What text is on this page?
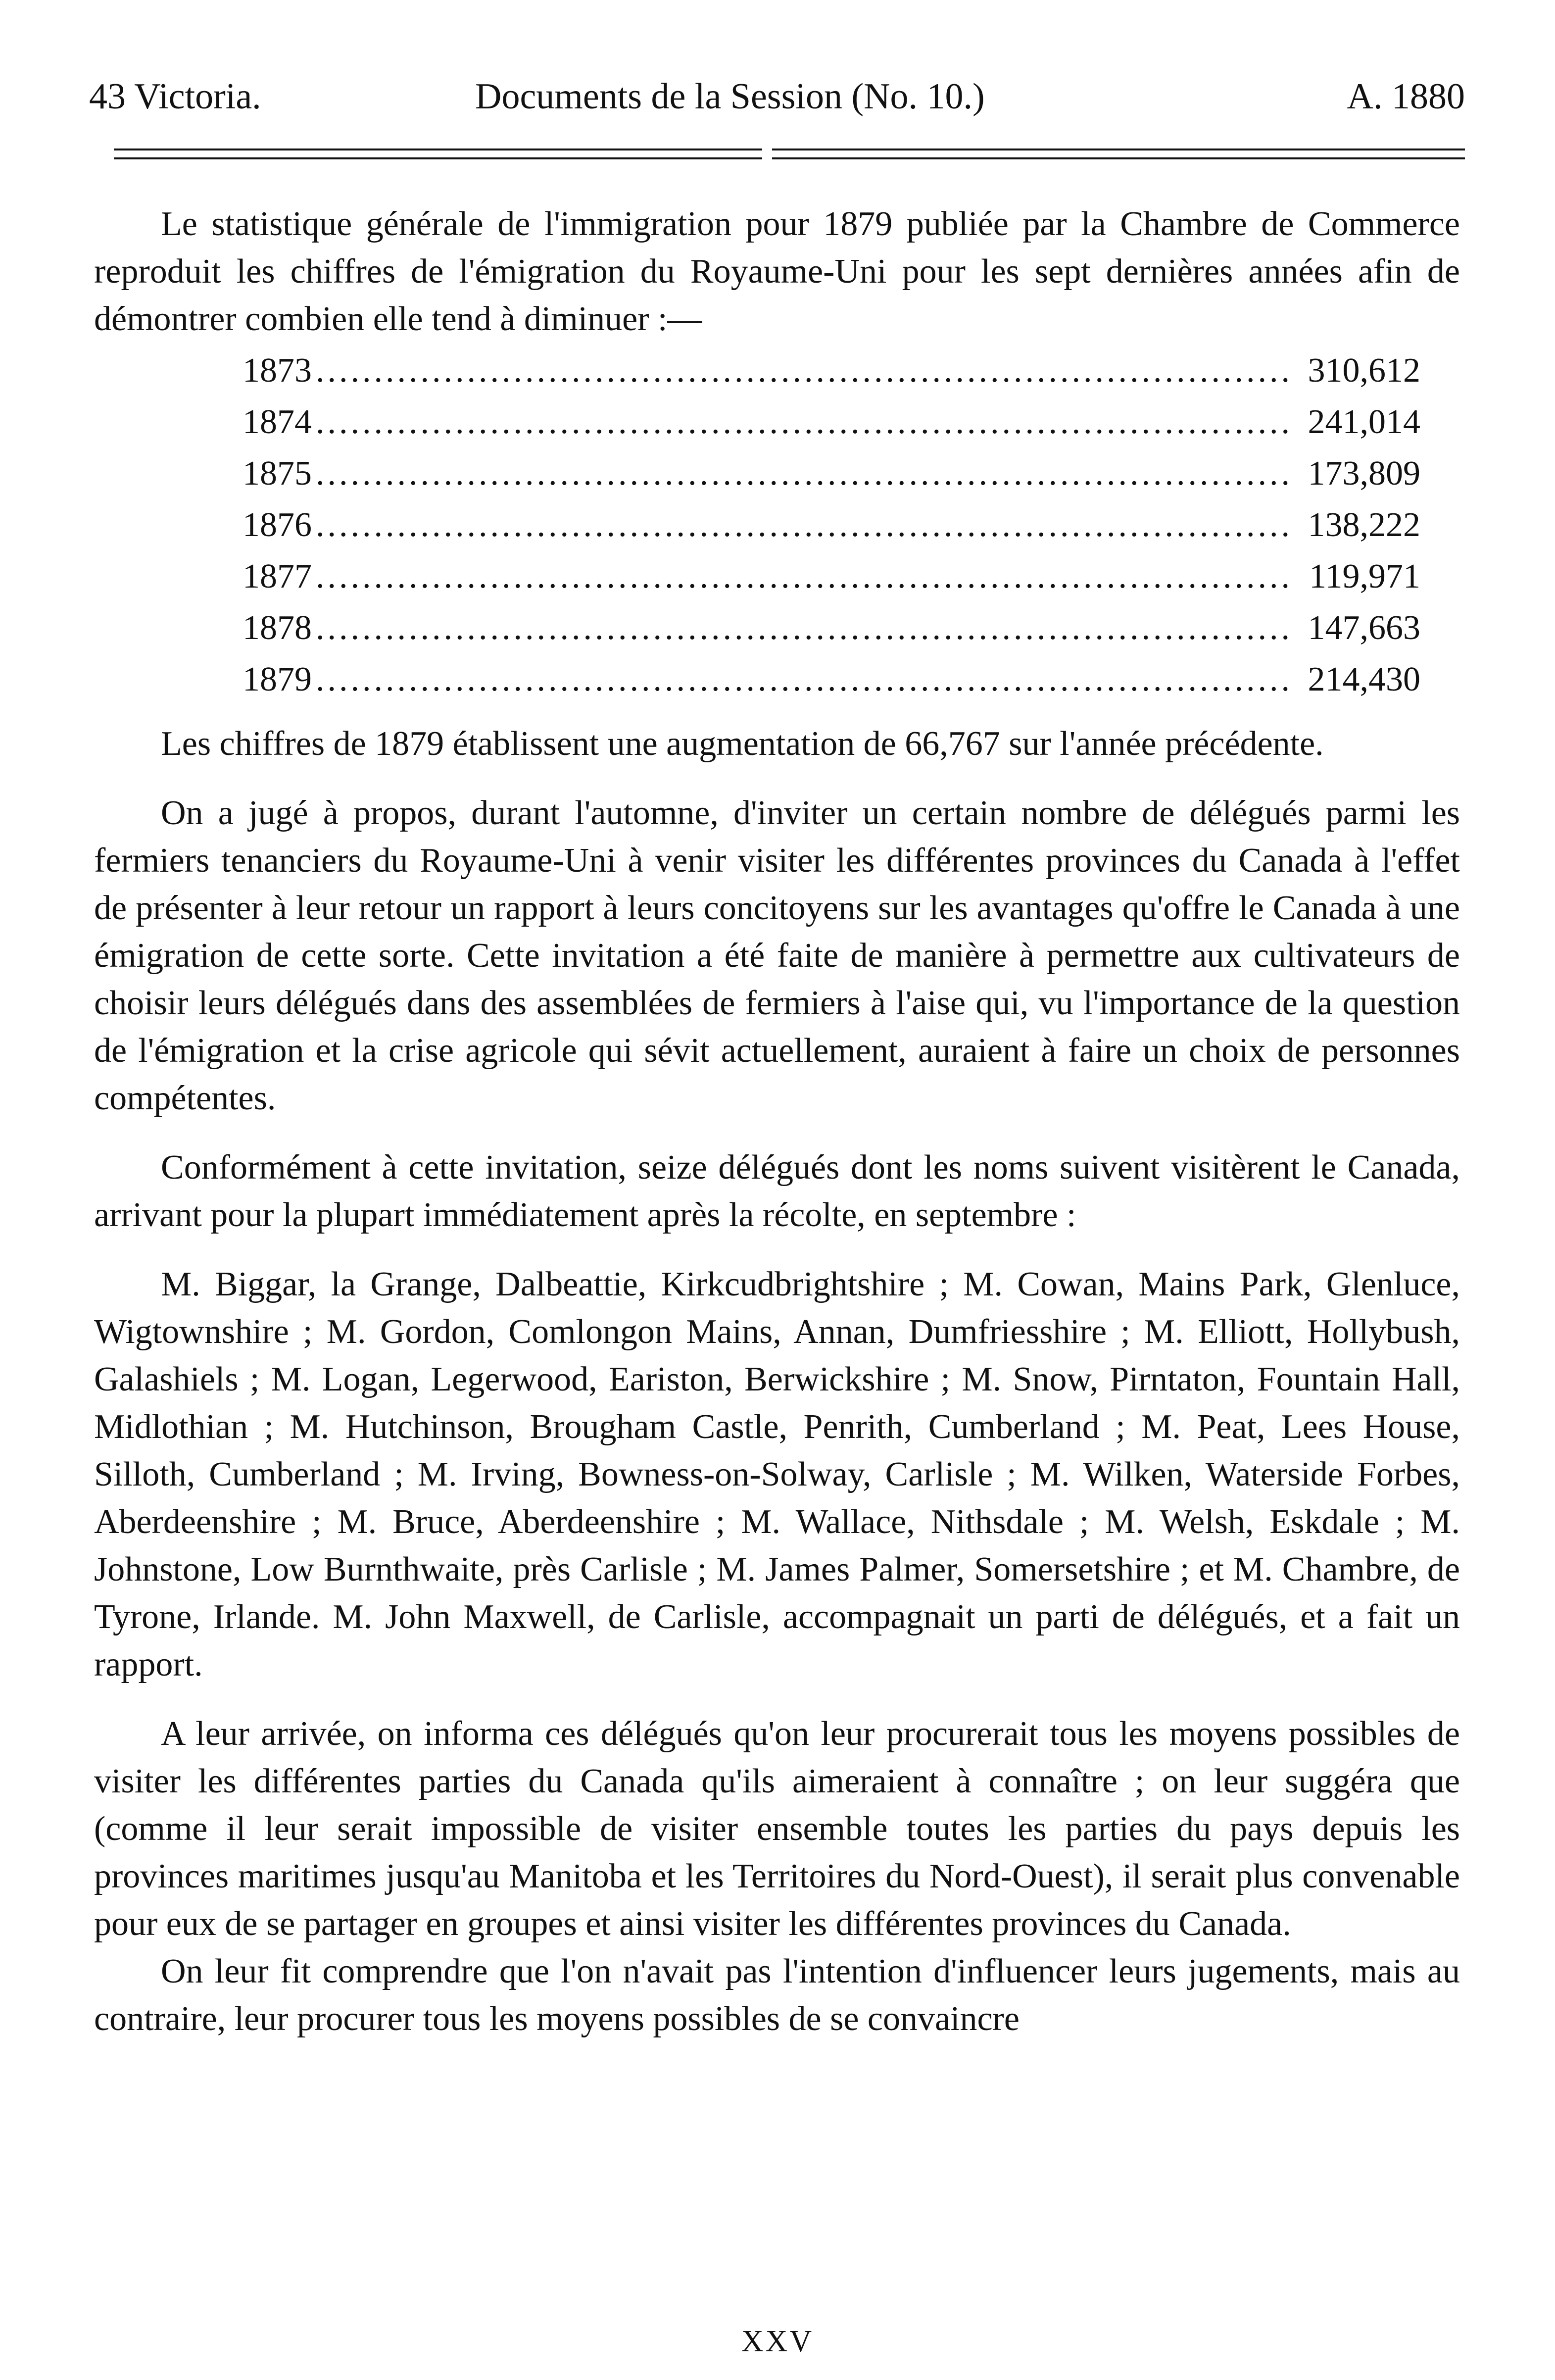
43 Victoria.	Documents de la Session (No. 10.)	A. 1880

Le statistique générale de l'immigration pour 1879 publiée par la Chambre de Commerce reproduit les chiffres de l'émigration du Royaume-Uni pour les sept dernières années afin de démontrer combien elle tend à diminuer :—

1873 .....	310,612
1874 .....	241,014
1875 .....	173,809
1876 .....	138,222
1877 .....	119,971
1878 .....	147,663
1879 .....	214,430

Les chiffres de 1879 établissent une augmentation de 66,767 sur l'année précédente.

On a jugé à propos, durant l'automne, d'inviter un certain nombre de délégués parmi les fermiers tenanciers du Royaume-Uni à venir visiter les différentes provinces du Canada à l'effet de présenter à leur retour un rapport à leurs concitoyens sur les avantages qu'offre le Canada à une émigration de cette sorte. Cette invitation a été faite de manière à permettre aux cultivateurs de choisir leurs délégués dans des assemblées de fermiers à l'aise qui, vu l'importance de la question de l'émigration et la crise agricole qui sévit actuellement, auraient à faire un choix de personnes compétentes.

Conformément à cette invitation, seize délégués dont les noms suivent visitèrent le Canada, arrivant pour la plupart immédiatement après la récolte, en septembre :

M. Biggar, la Grange, Dalbeattie, Kirkcudbrightshire ; M. Cowan, Mains Park, Glenluce, Wigtownshire ; M. Gordon, Comlongon Mains, Annan, Dumfriesshire ; M. Elliott, Hollybush, Galashiels ; M. Logan, Legerwood, Eariston, Berwickshire ; M. Snow, Pirntaton, Fountain Hall, Midlothian ; M. Hutchinson, Brougham Castle, Penrith, Cumberland ; M. Peat, Lees House, Silloth, Cumberland ; M. Irving, Bowness-on-Solway, Carlisle ; M. Wilken, Waterside Forbes, Aberdeenshire ; M. Bruce, Aberdeenshire ; M. Wallace, Nithsdale ; M. Welsh, Eskdale ; M. Johnstone, Low Burnthwaite, près Carlisle ; M. James Palmer, Somersetshire ; et M. Chambre, de Tyrone, Irlande. M. John Maxwell, de Carlisle, accompagnait un parti de délégués, et a fait un rapport.

A leur arrivée, on informa ces délégués qu'on leur procurerait tous les moyens possibles de visiter les différentes parties du Canada qu'ils aimeraient à connaître ; on leur suggéra que (comme il leur serait impossible de visiter ensemble toutes les parties du pays depuis les provinces maritimes jusqu'au Manitoba et les Territoires du Nord-Ouest), il serait plus convenable pour eux de se partager en groupes et ainsi visiter les différentes provinces du Canada.

On leur fit comprendre que l'on n'avait pas l'intention d'influencer leurs jugements, mais au contraire, leur procurer tous les moyens possibles de se convaincre

XXV
